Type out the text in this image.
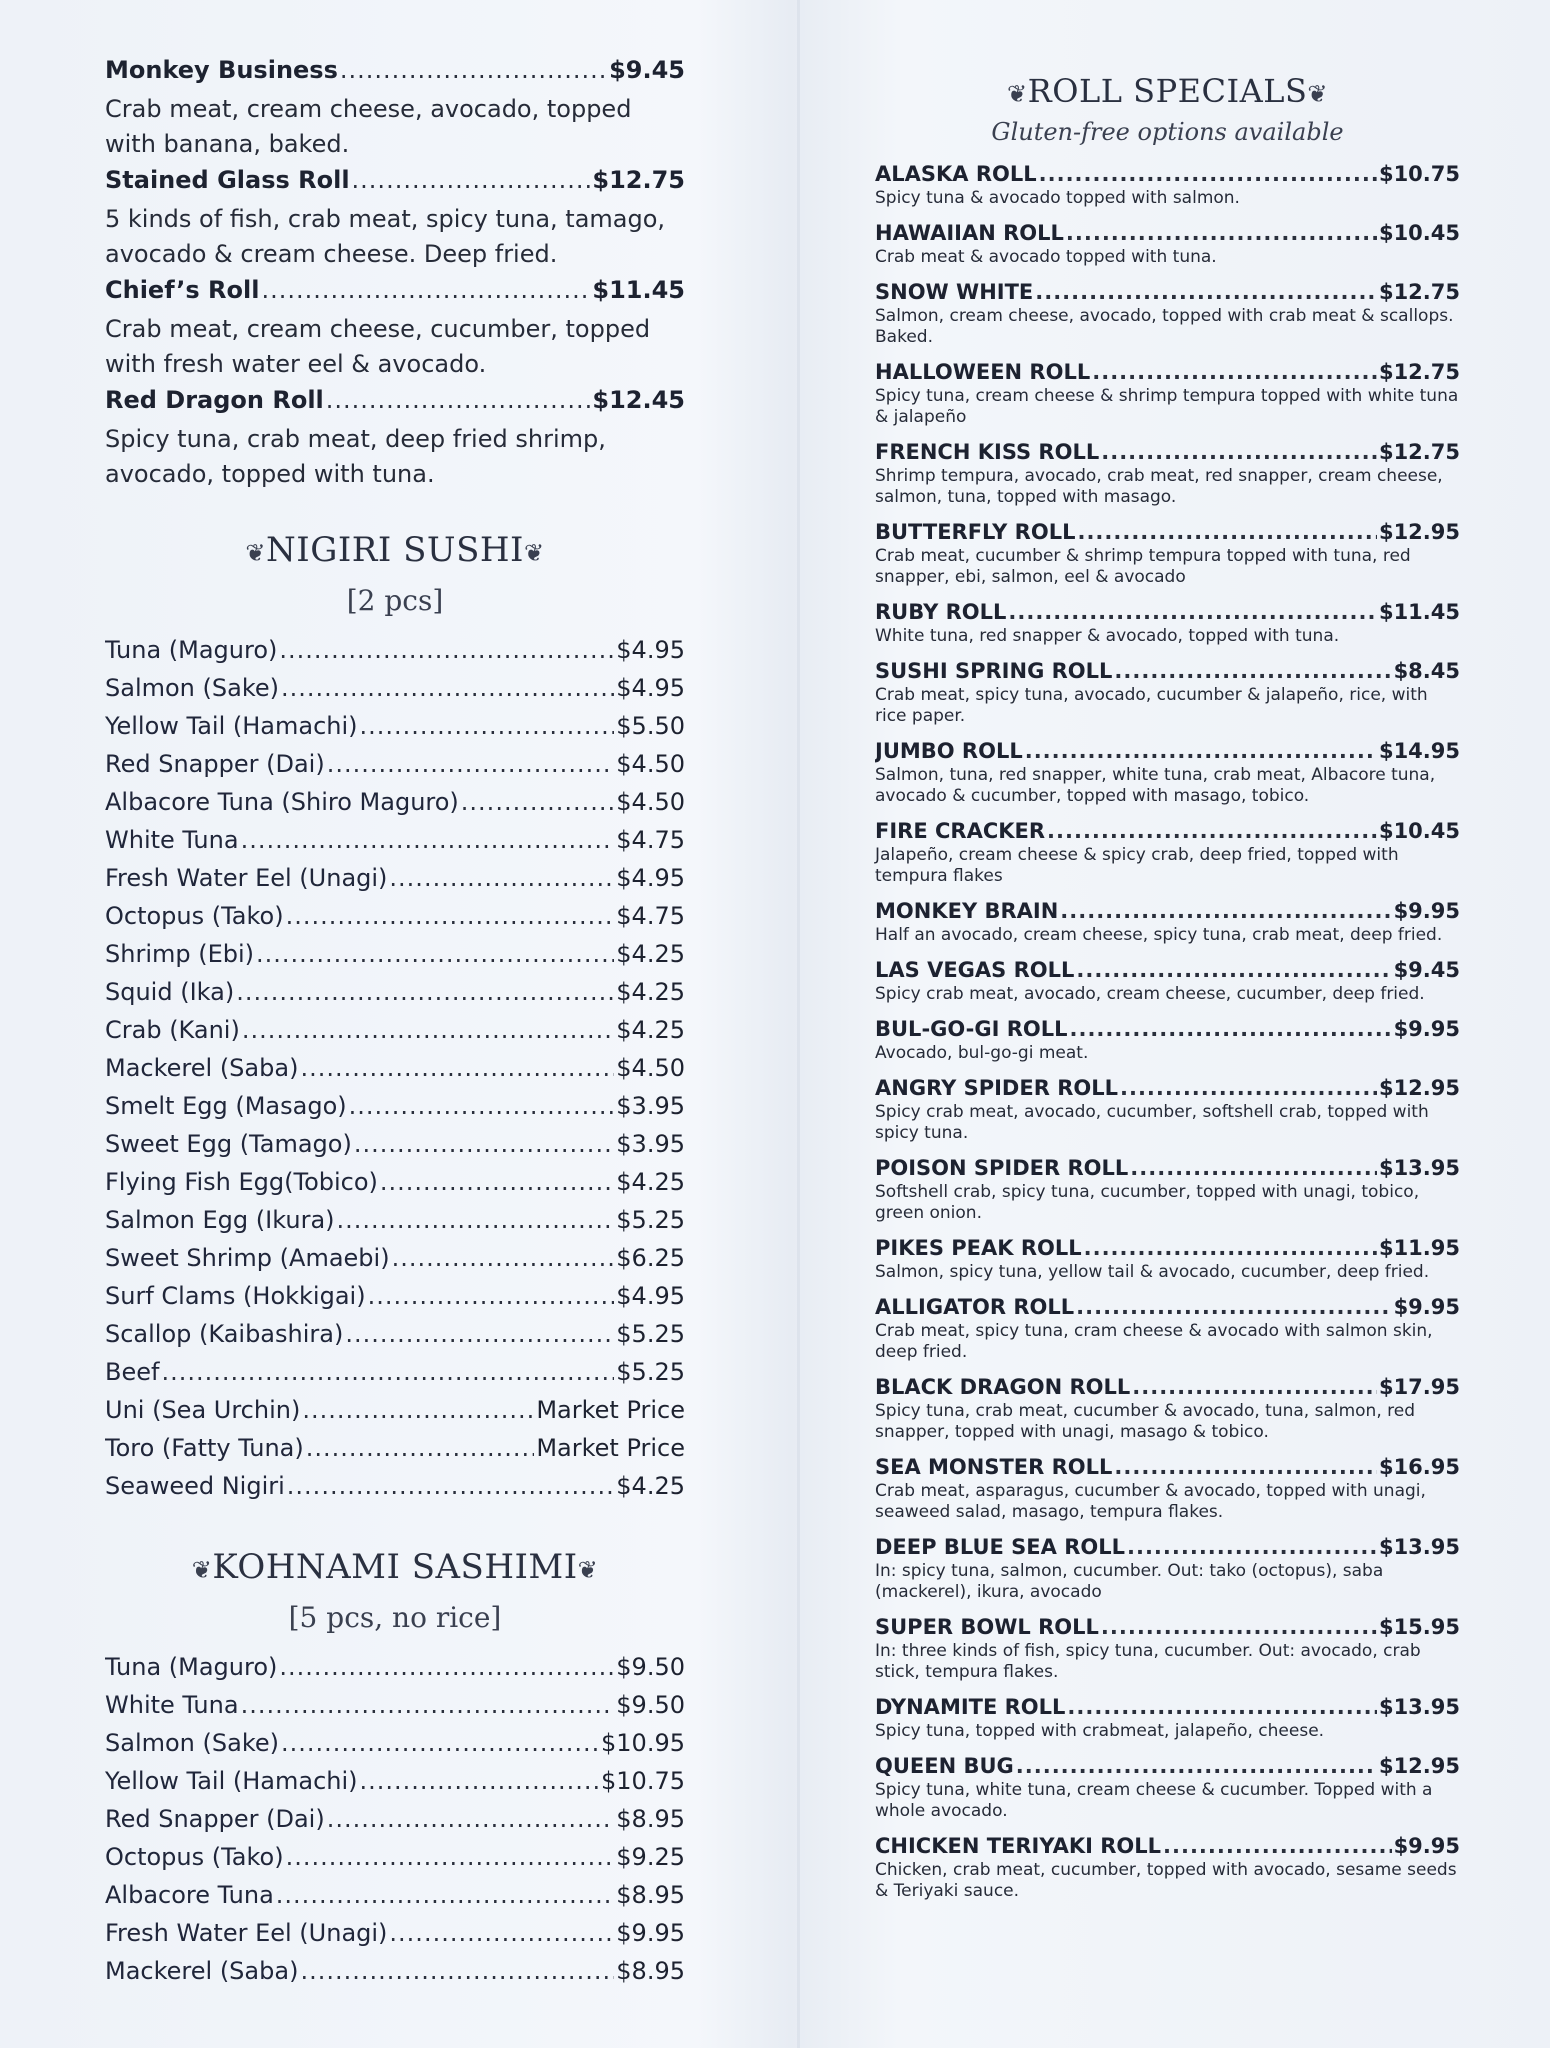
Monkey Business .....	$9.45
Crab meat, cream cheese, avocado, topped with banana, baked.
Stained Glass Roll .....	$12.75
5 kinds of fish, crab meat, spicy tuna, tamago, avocado & cream cheese. Deep fried.
Chief’s Roll .....	$11.45
Crab meat, cream cheese, cucumber, topped with fresh water eel & avocado.
Red Dragon Roll .....	$12.45
Spicy tuna, crab meat, deep fried shrimp, avocado, topped with tuna.
❦NIGIRI SUSHI❦
[2 pcs]
Tuna (Maguro) .....	$4.95
Salmon (Sake) .....	$4.95
Yellow Tail (Hamachi) .....	$5.50
Red Snapper (Dai) .....	$4.50
Albacore Tuna (Shiro Maguro) .....	$4.50
White Tuna .....	$4.75
Fresh Water Eel (Unagi) .....	$4.95
Octopus (Tako) .....	$4.75
Shrimp (Ebi) .....	$4.25
Squid (Ika) .....	$4.25
Crab (Kani) .....	$4.25
Mackerel (Saba) .....	$4.50
Smelt Egg (Masago) .....	$3.95
Sweet Egg (Tamago) .....	$3.95
Flying Fish Egg(Tobico) .....	$4.25
Salmon Egg (Ikura) .....	$5.25
Sweet Shrimp (Amaebi) .....	$6.25
Surf Clams (Hokkigai) .....	$4.95
Scallop (Kaibashira) .....	$5.25
Beef .....	$5.25
Uni (Sea Urchin) .....	Market Price
Toro (Fatty Tuna) .....	Market Price
Seaweed Nigiri .....	$4.25
❦KOHNAMI SASHIMI❦
[5 pcs, no rice]
Tuna (Maguro) .....	$9.50
White Tuna .....	$9.50
Salmon (Sake) .....	$10.95
Yellow Tail (Hamachi) .....	$10.75
Red Snapper (Dai) .....	$8.95
Octopus (Tako) .....	$9.25
Albacore Tuna .....	$8.95
Fresh Water Eel (Unagi) .....	$9.95
Mackerel (Saba) .....	$8.95
❦ROLL SPECIALS❦
Gluten-free options available
ALASKA ROLL .....	$10.75
Spicy tuna & avocado topped with salmon.
HAWAIIAN ROLL .....	$10.45
Crab meat & avocado topped with tuna.
SNOW WHITE .....	$12.75
Salmon, cream cheese, avocado, topped with crab meat & scallops. Baked.
HALLOWEEN ROLL .....	$12.75
Spicy tuna, cream cheese & shrimp tempura topped with white tuna & jalapeño
FRENCH KISS ROLL .....	$12.75
Shrimp tempura, avocado, crab meat, red snapper, cream cheese, salmon, tuna, topped with masago.
BUTTERFLY ROLL .....	$12.95
Crab meat, cucumber & shrimp tempura topped with tuna, red snapper, ebi, salmon, eel & avocado
RUBY ROLL .....	$11.45
White tuna, red snapper & avocado, topped with tuna.
SUSHI SPRING ROLL .....	$8.45
Crab meat, spicy tuna, avocado, cucumber & jalapeño, rice, with rice paper.
JUMBO ROLL .....	$14.95
Salmon, tuna, red snapper, white tuna, crab meat, Albacore tuna, avocado & cucumber, topped with masago, tobico.
FIRE CRACKER .....	$10.45
Jalapeño, cream cheese & spicy crab, deep fried, topped with tempura flakes
MONKEY BRAIN .....	$9.95
Half an avocado, cream cheese, spicy tuna, crab meat, deep fried.
LAS VEGAS ROLL .....	$9.45
Spicy crab meat, avocado, cream cheese, cucumber, deep fried.
BUL-GO-GI ROLL .....	$9.95
Avocado, bul-go-gi meat.
ANGRY SPIDER ROLL .....	$12.95
Spicy crab meat, avocado, cucumber, softshell crab, topped with spicy tuna.
POISON SPIDER ROLL .....	$13.95
Softshell crab, spicy tuna, cucumber, topped with unagi, tobico, green onion.
PIKES PEAK ROLL .....	$11.95
Salmon, spicy tuna, yellow tail & avocado, cucumber, deep fried.
ALLIGATOR ROLL .....	$9.95
Crab meat, spicy tuna, cram cheese & avocado with salmon skin, deep fried.
BLACK DRAGON ROLL .....	$17.95
Spicy tuna, crab meat, cucumber & avocado, tuna, salmon, red snapper, topped with unagi, masago & tobico.
SEA MONSTER ROLL .....	$16.95
Crab meat, asparagus, cucumber & avocado, topped with unagi, seaweed salad, masago, tempura flakes.
DEEP BLUE SEA ROLL .....	$13.95
In: spicy tuna, salmon, cucumber. Out: tako (octopus), saba (mackerel), ikura, avocado
SUPER BOWL ROLL .....	$15.95
In: three kinds of fish, spicy tuna, cucumber. Out: avocado, crab stick, tempura flakes.
DYNAMITE ROLL .....	$13.95
Spicy tuna, topped with crabmeat, jalapeño, cheese.
QUEEN BUG .....	$12.95
Spicy tuna, white tuna, cream cheese & cucumber. Topped with a whole avocado.
CHICKEN TERIYAKI ROLL .....	$9.95
Chicken, crab meat, cucumber, topped with avocado, sesame seeds & Teriyaki sauce.
